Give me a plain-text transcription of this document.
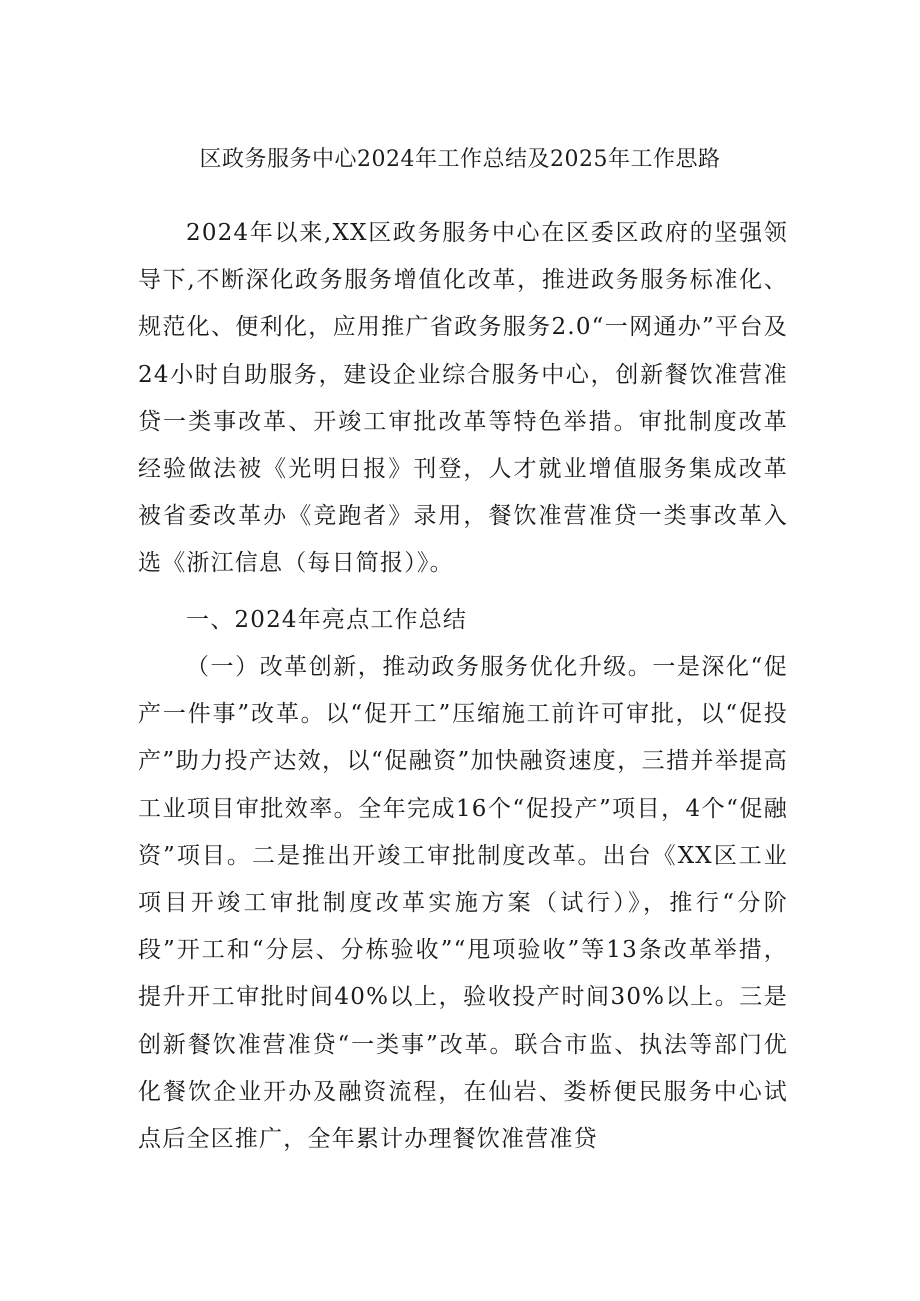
区政务服务中心2024年工作总结及2025年工作思路

2024年以来,XX区政务服务中心在区委区政府的坚强领导下,不断深化政务服务增值化改革，推进政务服务标准化、规范化、便利化，应用推广省政务服务2.0“一网通办”平台及24小时自助服务，建设企业综合服务中心，创新餐饮准营准贷一类事改革、开竣工审批改革等特色举措。审批制度改革经验做法被《光明日报》刊登，人才就业增值服务集成改革被省委改革办《竞跑者》录用，餐饮准营准贷一类事改革入选《浙江信息（每日简报）》。

一、2024年亮点工作总结

（一）改革创新，推动政务服务优化升级。一是深化“促产一件事”改革。以“促开工”压缩施工前许可审批，以“促投产”助力投产达效，以“促融资”加快融资速度，三措并举提高工业项目审批效率。全年完成16个“促投产”项目，4个“促融资”项目。二是推出开竣工审批制度改革。出台《XX区工业项目开竣工审批制度改革实施方案（试行）》，推行“分阶段”开工和“分层、分栋验收”“甩项验收”等13条改革举措，提升开工审批时间40%以上，验收投产时间30%以上。三是创新餐饮准营准贷“一类事”改革。联合市监、执法等部门优化餐饮企业开办及融资流程，在仙岩、娄桥便民服务中心试点后全区推广，全年累计办理餐饮准营准贷
